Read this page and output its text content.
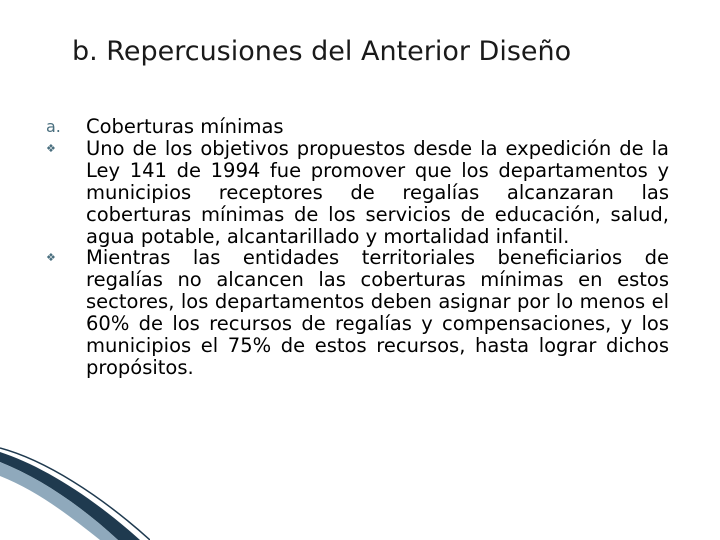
b. Repercusiones del Anterior Diseño
a.	Coberturas mínimas
❖	Uno de los objetivos propuestos desde la expedición de la Ley 141 de 1994 fue promover que los departamentos y municipios receptores de regalías alcanzaran las coberturas mínimas de los servicios de educación, salud, agua potable, alcantarillado y mortalidad infantil.
❖	Mientras las entidades territoriales beneficiarios de regalías no alcancen las coberturas mínimas en estos sectores, los departamentos deben asignar por lo menos el 60% de los recursos de regalías y compensaciones, y los municipios el 75% de estos recursos, hasta lograr dichos propósitos.
